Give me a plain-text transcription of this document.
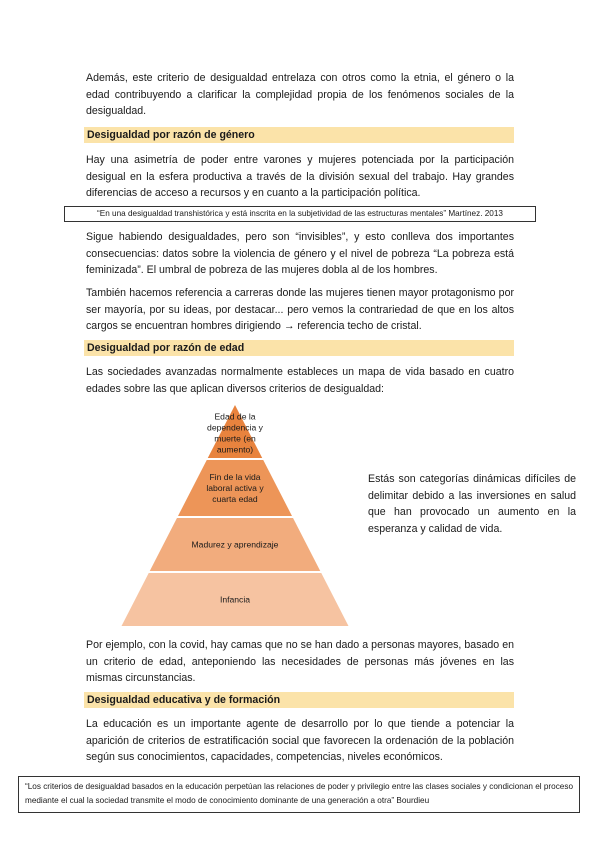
Además, este criterio de desigualdad entrelaza con otros como la etnia, el género o la edad contribuyendo a clarificar la complejidad propia de los fenómenos sociales de la desigualdad.

Desigualdad por razón de género

Hay una asimetría de poder entre varones y mujeres potenciada por la participación desigual en la esfera productiva a través de la división sexual del trabajo. Hay grandes diferencias de acceso a recursos y en cuanto a la participación política.

“En una desigualdad transhistórica y está inscrita en la subjetividad de las estructuras mentales” Martínez. 2013

Sigue habiendo desigualdades, pero son “invisibles”, y esto conlleva dos importantes consecuencias: datos sobre la violencia de género y el nivel de pobreza “La pobreza está feminizada”. El umbral de pobreza de las mujeres dobla al de los hombres.

También hacemos referencia a carreras donde las mujeres tienen mayor protagonismo por ser mayoría, por su ideas, por destacar... pero vemos la contrariedad de que en los altos cargos se encuentran hombres dirigiendo → referencia techo de cristal.

Desigualdad por razón de edad

Las sociedades avanzadas normalmente estableces un mapa de vida basado en cuatro edades sobre las que aplican diversos criterios de desigualdad:

Edad de la dependencia y muerte (en aumento)
Fin de la vida laboral activa y cuarta edad
Madurez y aprendizaje
Infancia

Estás son categorías dinámicas difíciles de delimitar debido a las inversiones en salud que han provocado un aumento en la esperanza y calidad de vida.

Por ejemplo, con la covid, hay camas que no se han dado a personas mayores, basado en un criterio de edad, anteponiendo las necesidades de personas más jóvenes en las mismas circunstancias.

Desigualdad educativa y de formación

La educación es un importante agente de desarrollo por lo que tiende a potenciar la aparición de criterios de estratificación social que favorecen la ordenación de la población según sus conocimientos, capacidades, competencias, niveles económicos.

“Los criterios de desigualdad basados en la educación perpetúan las relaciones de poder y privilegio entre las clases sociales y condicionan el proceso mediante el cual la sociedad transmite el modo de conocimiento dominante de una generación a otra” Bourdieu
